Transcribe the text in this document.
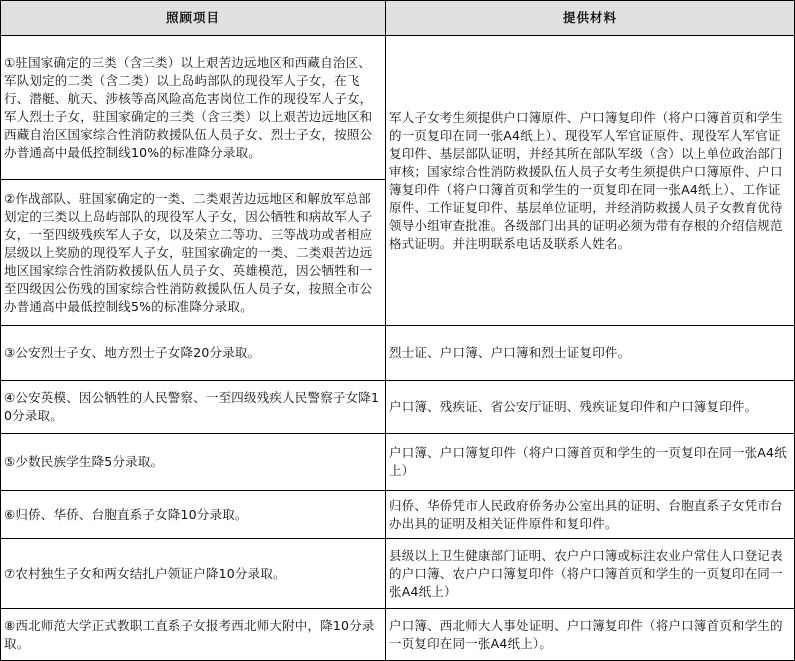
照顾项目	提供材料
①驻国家确定的三类（含三类）以上艰苦边远地区和西藏自治区、军队划定的二类（含二类）以上岛屿部队的现役军人子女，在飞行、潜艇、航天、涉核等高风险高危害岗位工作的现役军人子女，军人烈士子女，驻国家确定的三类（含三类）以上艰苦边远地区和西藏自治区国家综合性消防救援队伍人员子女、烈士子女，按照公办普通高中最低控制线10%的标准降分录取。	军人子女考生须提供户口簿原件、户口簿复印件（将户口簿首页和学生的一页复印在同一张A4纸上）、现役军人军官证原件、现役军人军官证复印件、基层部队证明，并经其所在部队军级（含）以上单位政治部门审核；国家综合性消防救援队伍人员子女考生须提供户口簿原件、户口簿复印件（将户口簿首页和学生的一页复印在同一张A4纸上）、工作证原件、工作证复印件、基层单位证明，并经消防救援人员子女教育优待领导小组审查批准。各级部门出具的证明必须为带有存根的介绍信规范格式证明。并注明联系电话及联系人姓名。
②作战部队、驻国家确定的一类、二类艰苦边远地区和解放军总部划定的三类以上岛屿部队的现役军人子女，因公牺牲和病故军人子女，一至四级残疾军人子女，以及荣立二等功、三等战功或者相应层级以上奖励的现役军人子女，驻国家确定的一类、二类艰苦边远地区国家综合性消防救援队伍人员子女、英雄模范，因公牺牲和一至四级因公伤残的国家综合性消防救援队伍人员子女，按照全市公办普通高中最低控制线5%的标准降分录取。	
③公安烈士子女、地方烈士子女降20分录取。	烈士证、户口簿、户口簿和烈士证复印件。
④公安英模、因公牺牲的人民警察、一至四级残疾人民警察子女降10分录取。	户口簿、残疾证、省公安厅证明、残疾证复印件和户口簿复印件。
⑤少数民族学生降5分录取。	户口簿、户口簿复印件（将户口簿首页和学生的一页复印在同一张A4纸上）
⑥归侨、华侨、台胞直系子女降10分录取。	归侨、华侨凭市人民政府侨务办公室出具的证明、台胞直系子女凭市台办出具的证明及相关证件原件和复印件。
⑦农村独生子女和两女结扎户领证户降10分录取。	县级以上卫生健康部门证明、农户户口簿或标注农业户常住人口登记表的户口簿、农户户口簿复印件（将户口簿首页和学生的一页复印在同一张A4纸上）
⑧西北师范大学正式教职工直系子女报考西北师大附中，降10分录取。	户口簿、西北师大人事处证明、户口簿复印件（将户口簿首页和学生的一页复印在同一张A4纸上）。
